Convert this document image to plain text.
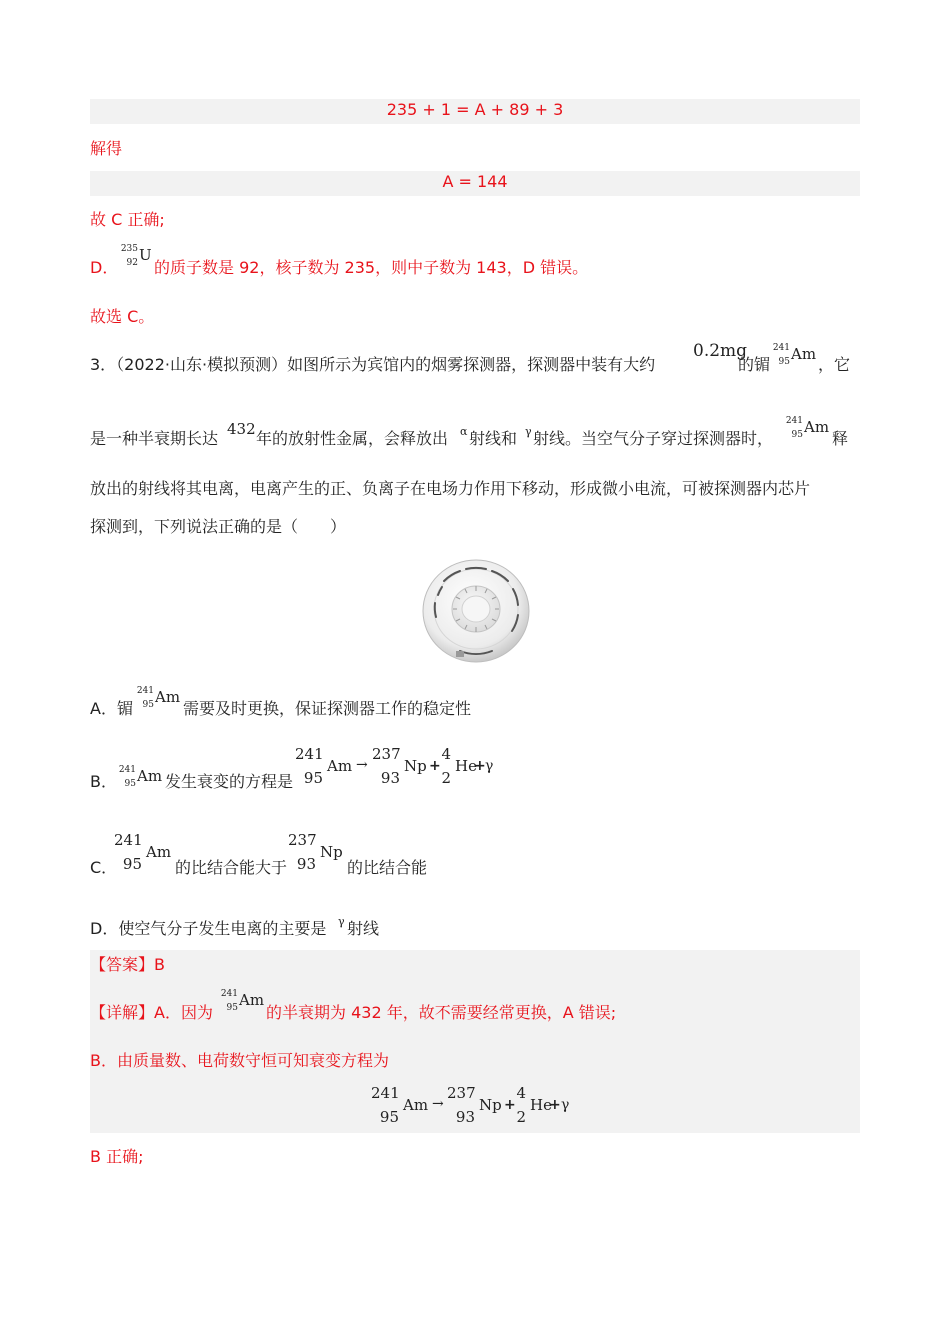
235 + 1 = A + 89 + 3
解得
A = 144
故 C 正确;
D．
235
92 U
的质子数是 92，核子数为 235，则中子数为 143，D 错误。
故选 C。
3．（2022·山东·模拟预测）如图所示为宾馆内的烟雾探测器，探测器中装有大约
0.2mg
的镅
241
95 Am
，它
是一种半衰期长达 432 年的放射性金属，会释放出 α 射线和 γ 射线。当空气分子穿过探测器时，
241
95 Am
释
放出的射线将其电离，电离产生的正、负离子在电场力作用下移动，形成微小电流，可被探测器内芯片
探测到，下列说法正确的是（　　）
A．镅
241
95 Am
需要及时更换，保证探测器工作的稳定性
B．
241
95 Am 发生衰变的方程是
241
95
Am →
237
93
Np +
4
2
He
+ γ
C．
241
95
Am
的比结合能大于
237
93
Np
的比结合能
D．使空气分子发生电离的主要是 γ 射线
【答案】B
【详解】A．因为
241
95 Am
的半衰期为 432 年，故不需要经常更换，A 错误;
B．由质量数、电荷数守恒可知衰变方程为
241
95
Am →
237
93
Np +
4
2
He
+ γ
B 正确;
